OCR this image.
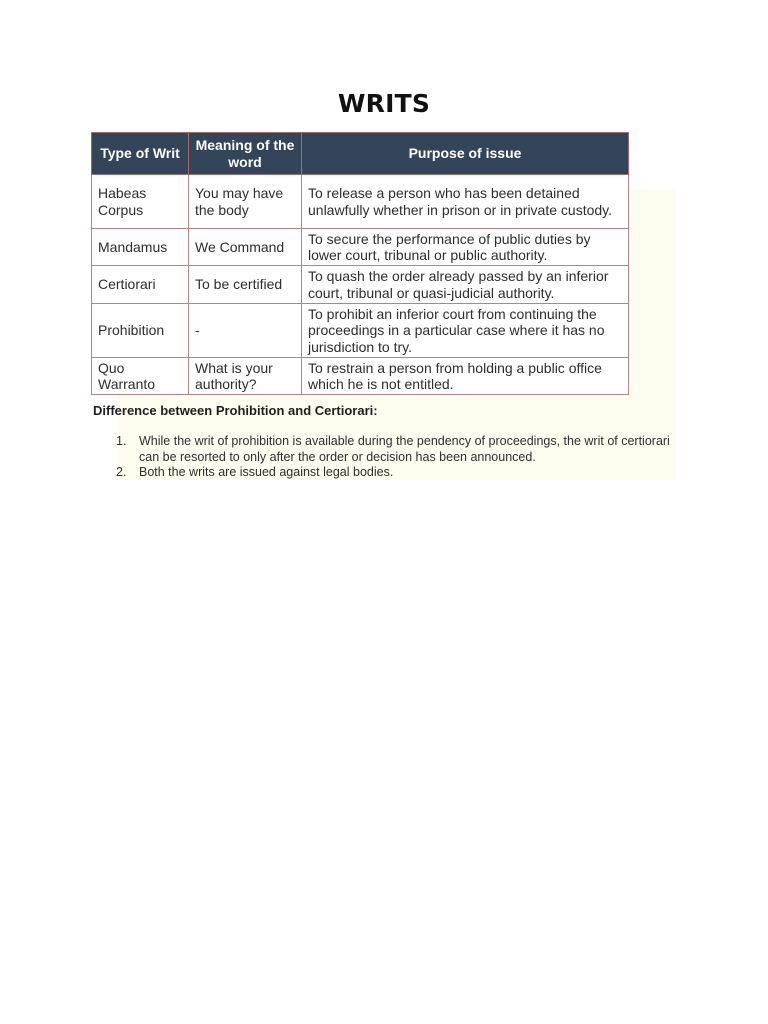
WRITS
Type of Writ	Meaning of the word	Purpose of issue
Habeas Corpus	You may have the body	To release a person who has been detained unlawfully whether in prison or in private custody.
Mandamus	We Command	To secure the performance of public duties by lower court, tribunal or public authority.
Certiorari	To be certified	To quash the order already passed by an inferior court, tribunal or quasi-judicial authority.
Prohibition	-	To prohibit an inferior court from continuing the proceedings in a particular case where it has no jurisdiction to try.
Quo Warranto	What is your authority?	To restrain a person from holding a public office which he is not entitled.
Difference between Prohibition and Certiorari:
1. While the writ of prohibition is available during the pendency of proceedings, the writ of certiorari can be resorted to only after the order or decision has been announced.
2. Both the writs are issued against legal bodies.
